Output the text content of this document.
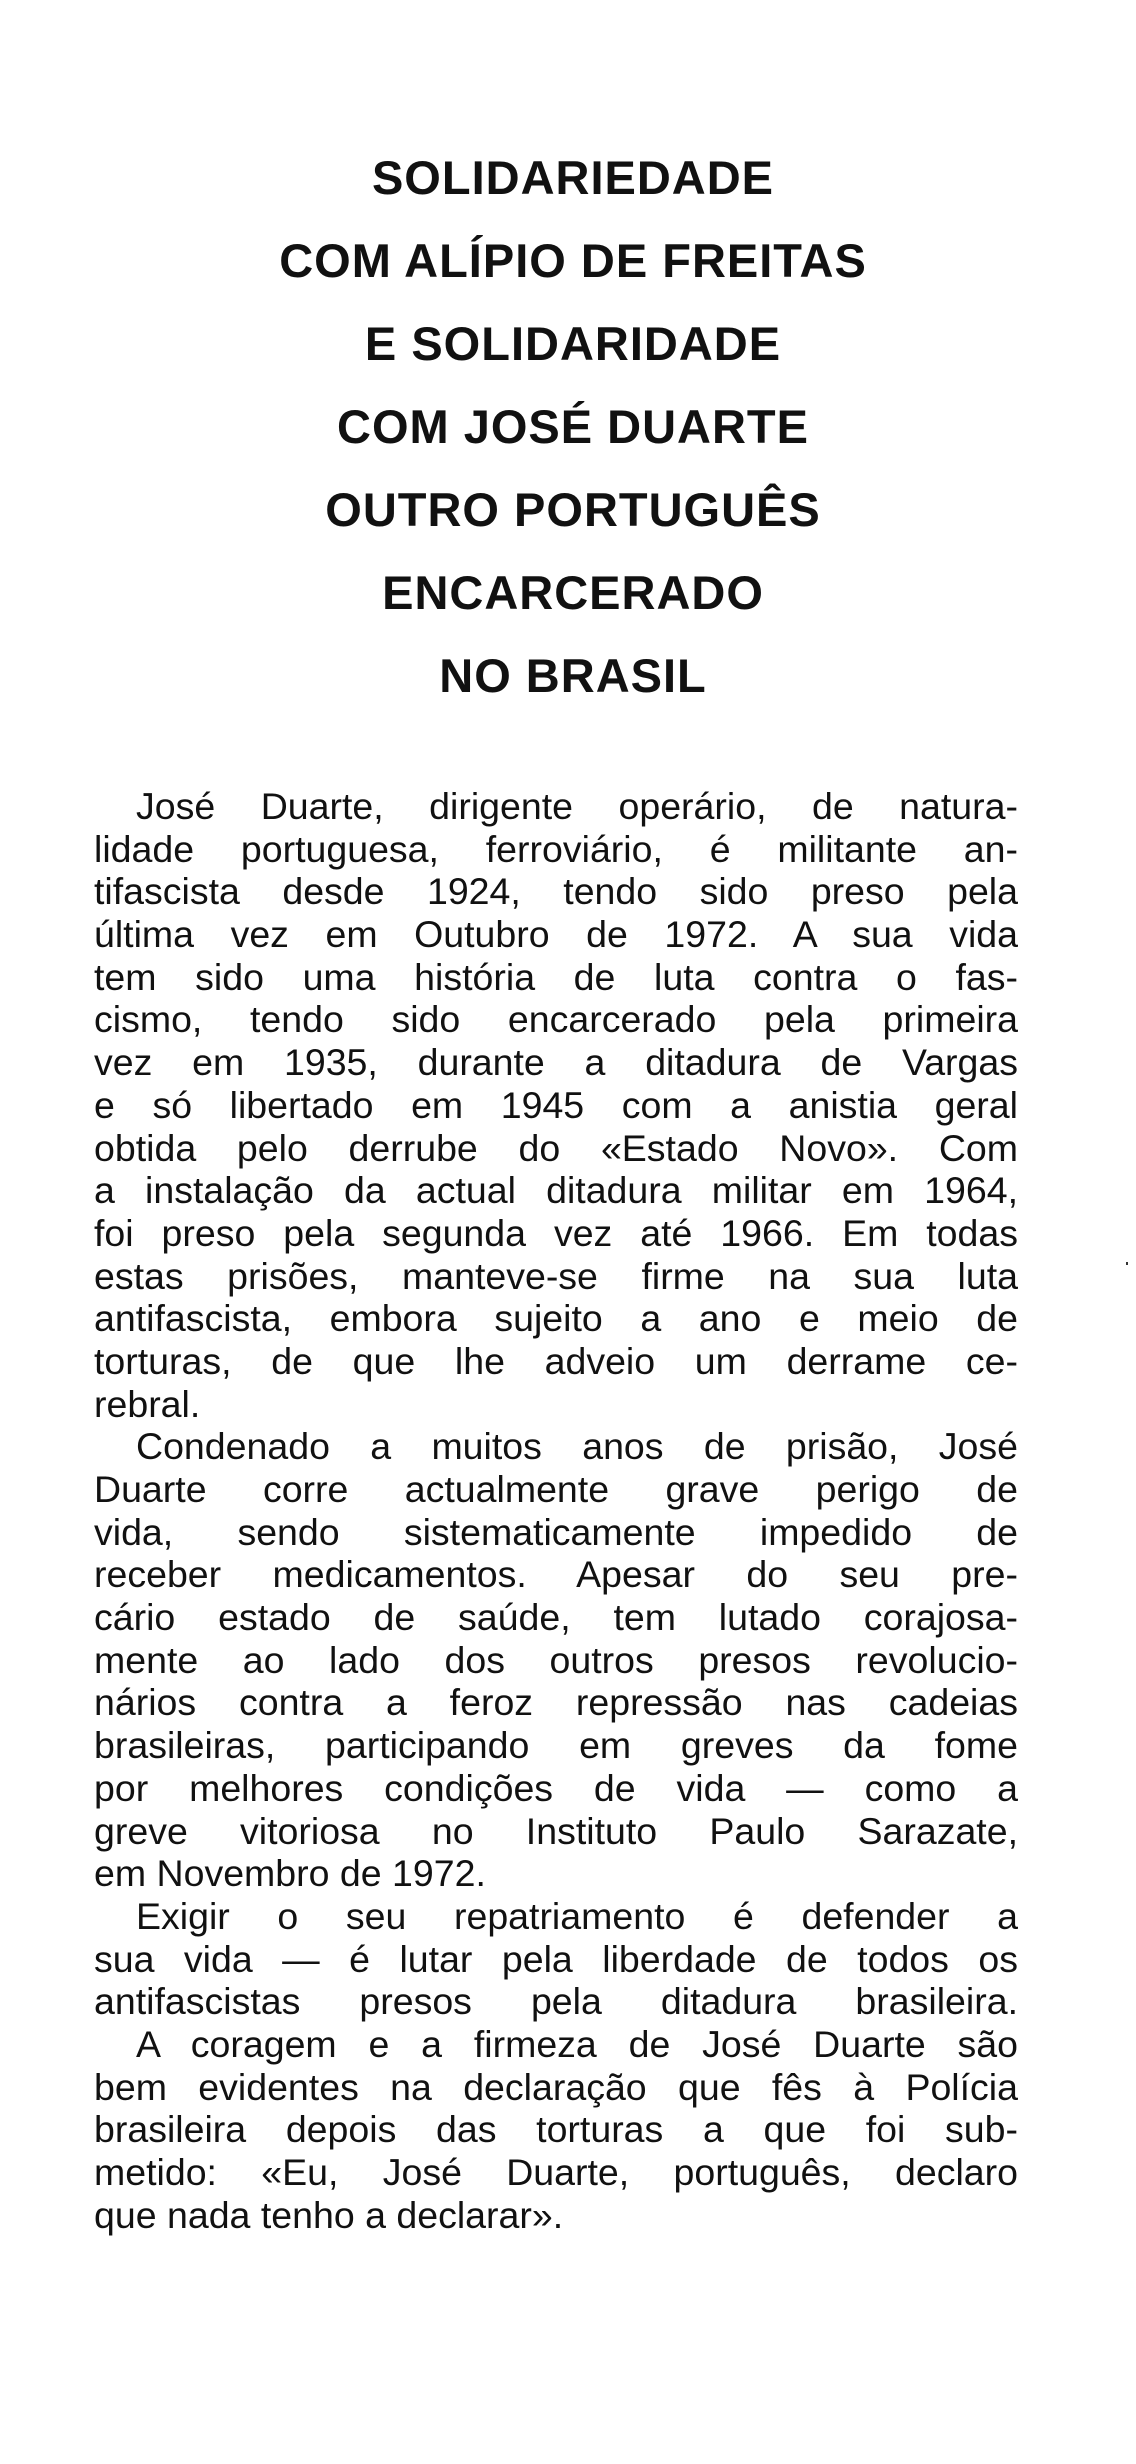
SOLIDARIEDADE
COM ALÍPIO DE FREITAS
E SOLIDARIDADE
COM JOSÉ DUARTE
OUTRO PORTUGUÊS
ENCARCERADO
NO BRASIL
José Duarte, dirigente operário, de natura-
lidade portuguesa, ferroviário, é militante an-
tifascista desde 1924, tendo sido preso pela
última vez em Outubro de 1972. A sua vida
tem sido uma história de luta contra o fas-
cismo, tendo sido encarcerado pela primeira
vez em 1935, durante a ditadura de Vargas
e só libertado em 1945 com a anistia geral
obtida pelo derrube do «Estado Novo». Com
a instalação da actual ditadura militar em 1964,
foi preso pela segunda vez até 1966. Em todas
estas prisões, manteve-se firme na sua luta
antifascista, embora sujeito a ano e meio de
torturas, de que lhe adveio um derrame ce-
rebral.
Condenado a muitos anos de prisão, José
Duarte corre actualmente grave perigo de
vida, sendo sistematicamente impedido de
receber medicamentos. Apesar do seu pre-
cário estado de saúde, tem lutado corajosa-
mente ao lado dos outros presos revolucio-
nários contra a feroz repressão nas cadeias
brasileiras, participando em greves da fome
por melhores condições de vida — como a
greve vitoriosa no Instituto Paulo Sarazate,
em Novembro de 1972.
Exigir o seu repatriamento é defender a
sua vida — é lutar pela liberdade de todos os
antifascistas presos pela ditadura brasileira.
A coragem e a firmeza de José Duarte são
bem evidentes na declaração que fês à Polícia
brasileira depois das torturas a que foi sub-
metido: «Eu, José Duarte, português, declaro
que nada tenho a declarar».
